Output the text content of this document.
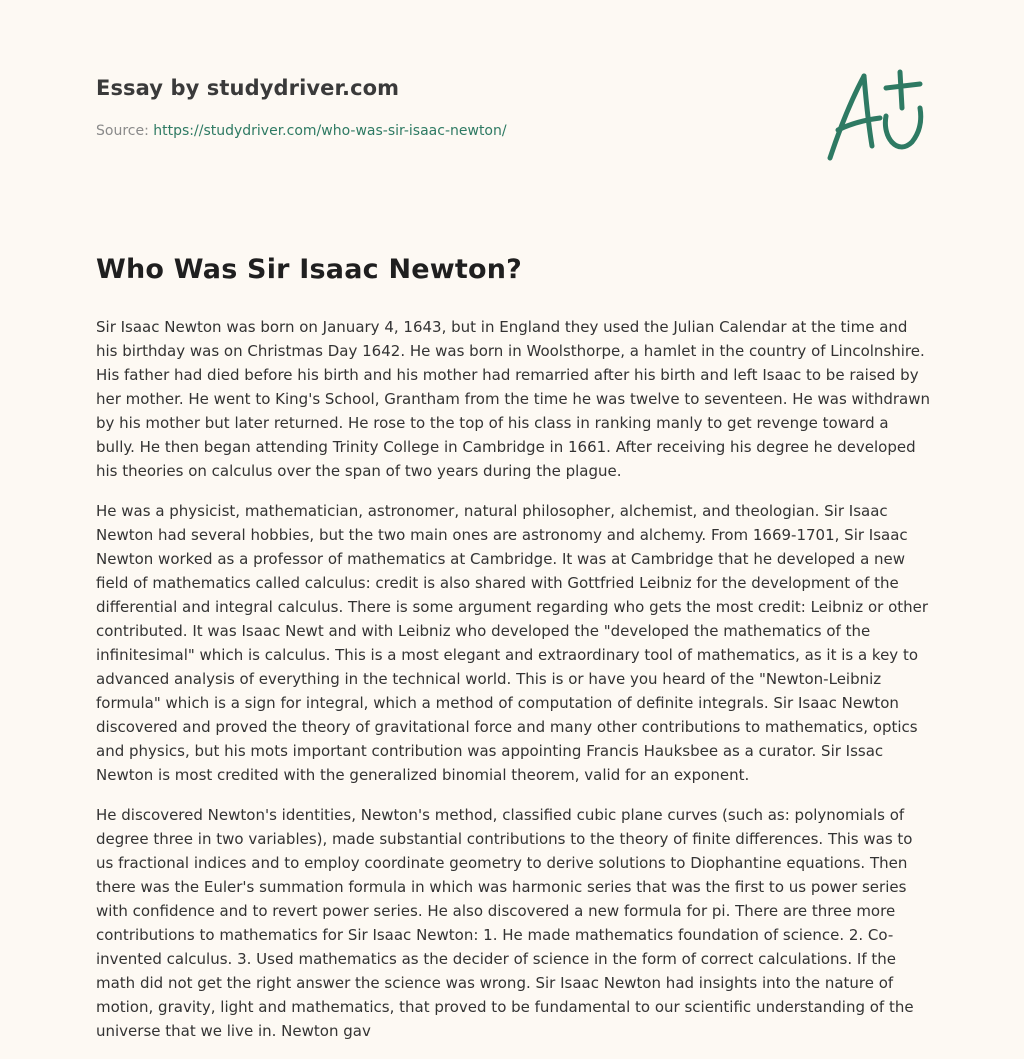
Essay by studydriver.com
Source: https://studydriver.com/who-was-sir-isaac-newton/
Who Was Sir Isaac Newton?

Sir Isaac Newton was born on January 4, 1643, but in England they used the Julian Calendar at the time and his birthday was on Christmas Day 1642. He was born in Woolsthorpe, a hamlet in the country of Lincolnshire. His father had died before his birth and his mother had remarried after his birth and left Isaac to be raised by her mother. He went to King's School, Grantham from the time he was twelve to seventeen. He was withdrawn by his mother but later returned. He rose to the top of his class in ranking manly to get revenge toward a bully. He then began attending Trinity College in Cambridge in 1661. After receiving his degree he developed his theories on calculus over the span of two years during the plague.

He was a physicist, mathematician, astronomer, natural philosopher, alchemist, and theologian. Sir Isaac Newton had several hobbies, but the two main ones are astronomy and alchemy. From 1669-1701, Sir Isaac Newton worked as a professor of mathematics at Cambridge. It was at Cambridge that he developed a new field of mathematics called calculus: credit is also shared with Gottfried Leibniz for the development of the differential and integral calculus. There is some argument regarding who gets the most credit: Leibniz or other contributed. It was Isaac Newt and with Leibniz who developed the "developed the mathematics of the infinitesimal" which is calculus. This is a most elegant and extraordinary tool of mathematics, as it is a key to advanced analysis of everything in the technical world. This is or have you heard of the "Newton-Leibniz formula" which is a sign for integral, which a method of computation of definite integrals. Sir Isaac Newton discovered and proved the theory of gravitational force and many other contributions to mathematics, optics and physics, but his mots important contribution was appointing Francis Hauksbee as a curator. Sir Issac Newton is most credited with the generalized binomial theorem, valid for an exponent.

He discovered Newton's identities, Newton's method, classified cubic plane curves (such as: polynomials of degree three in two variables), made substantial contributions to the theory of finite differences. This was to us fractional indices and to employ coordinate geometry to derive solutions to Diophantine equations. Then there was the Euler's summation formula in which was harmonic series that was the first to us power series with confidence and to revert power series. He also discovered a new formula for pi. There are three more contributions to mathematics for Sir Isaac Newton: 1. He made mathematics foundation of science. 2. Co-invented calculus. 3. Used mathematics as the decider of science in the form of correct calculations. If the math did not get the right answer the science was wrong. Sir Isaac Newton had insights into the nature of motion, gravity, light and mathematics, that proved to be fundamental to our scientific understanding of the universe that we live in. Newton gav
